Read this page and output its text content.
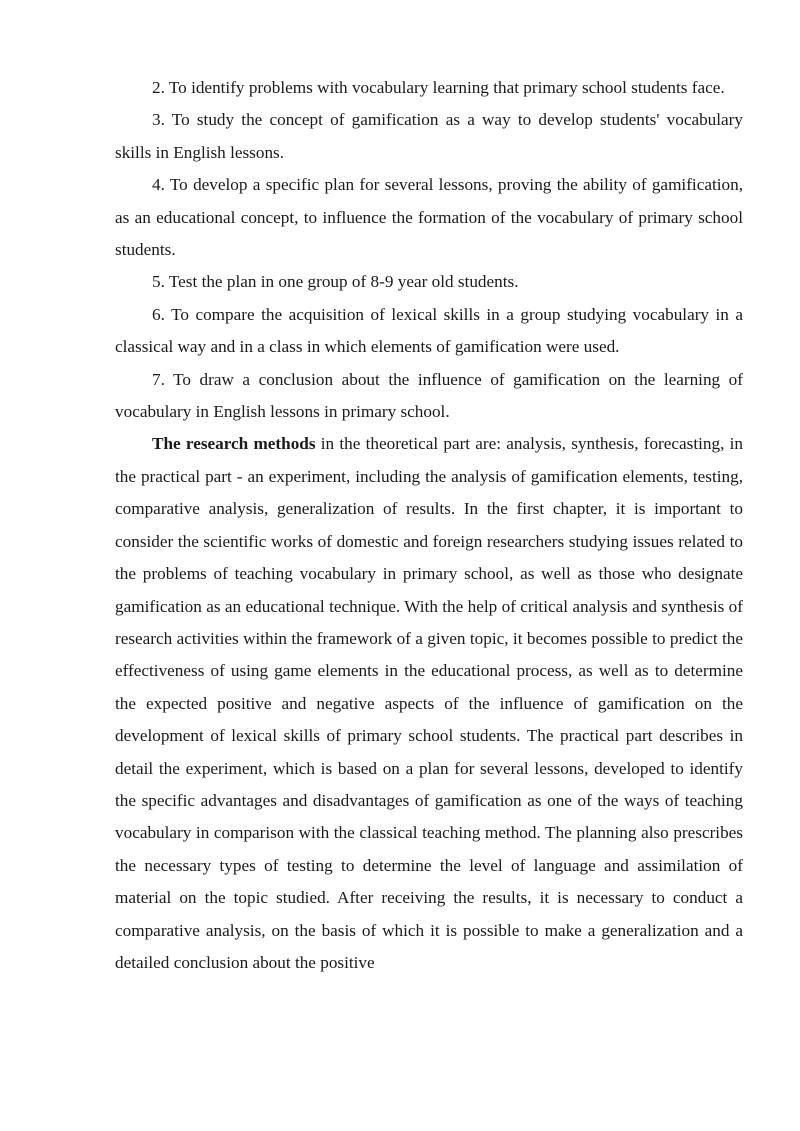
2. To identify problems with vocabulary learning that primary school students face.

3. To study the concept of gamification as a way to develop students' vocabulary skills in English lessons.

4. To develop a specific plan for several lessons, proving the ability of gamification, as an educational concept, to influence the formation of the vocabulary of primary school students.

5. Test the plan in one group of 8-9 year old students.

6. To compare the acquisition of lexical skills in a group studying vocabulary in a classical way and in a class in which elements of gamification were used.

7. To draw a conclusion about the influence of gamification on the learning of vocabulary in English lessons in primary school.

The research methods in the theoretical part are: analysis, synthesis, forecasting, in the practical part - an experiment, including the analysis of gamification elements, testing, comparative analysis, generalization of results. In the first chapter, it is important to consider the scientific works of domestic and foreign researchers studying issues related to the problems of teaching vocabulary in primary school, as well as those who designate gamification as an educational technique. With the help of critical analysis and synthesis of research activities within the framework of a given topic, it becomes possible to predict the effectiveness of using game elements in the educational process, as well as to determine the expected positive and negative aspects of the influence of gamification on the development of lexical skills of primary school students. The practical part describes in detail the experiment, which is based on a plan for several lessons, developed to identify the specific advantages and disadvantages of gamification as one of the ways of teaching vocabulary in comparison with the classical teaching method. The planning also prescribes the necessary types of testing to determine the level of language and assimilation of material on the topic studied. After receiving the results, it is necessary to conduct a comparative analysis, on the basis of which it is possible to make a generalization and a detailed conclusion about the positive
